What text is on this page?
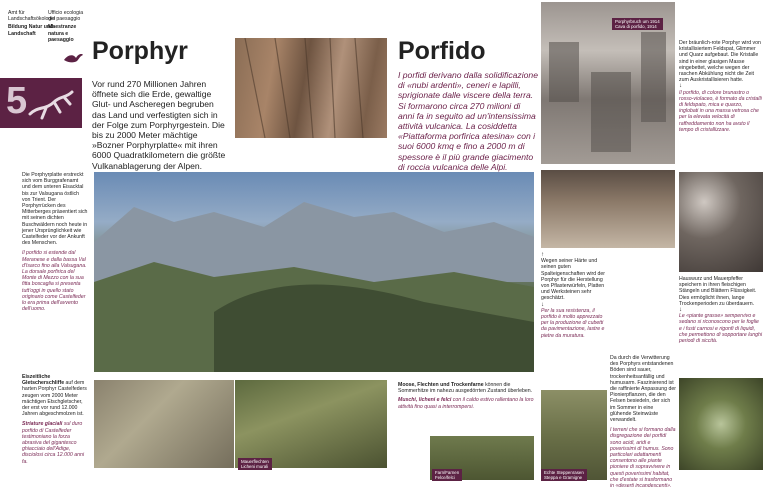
Amt für Landschaftsökologie
Bildung Natur und Landschaft
Ufficio ecologia del paesaggio
Maestranze natura e paesaggio
5
Porphyr
Vor rund 270 Millionen Jahren öffnete sich die Erde, gewaltige Glut- und Ascheregen begruben das Land und verfestigten sich in der Folge zum Porphyrgestein. Die bis zu 2000 Meter mächtige »Bozner Porphyrplatte« mit ihren 6000 Quadratkilometern die größte Vulkanablagerung der Alpen.
Porfido
I porfidi derivano dalla solidificazione di «nubi ardenti», ceneri e lapilli, sprigionate dalle viscere della terra. Si formarono circa 270 milioni di anni fa in seguito ad un'intensissima attività vulcanica. La cosiddetta «Piattaforma porfirica atesina» con i suoi 6000 kmq e fino a 2000 m di spessore è il più grande giacimento di roccia vulcanica delle Alpi.
Porphyrbruch um 1914
Cava di porfido, 1914
Der bräunlich-rote Porphyr wird von kristallisiertem Feldspat, Glimmer und Quarz aufgebaut. Die Kristalle sind in einer glasigen Masse eingebettet, welche wegen der raschen Abkühlung nicht die Zeit zum Auskristallisieren hatte.
↓
Il porfido, di colore brunastro o rosso-violaceo, è formato da cristalli di feldspato, mica e quarzo, inglobati in una massa vetrosa che per la elevata velocità di raffreddamento non ha avuto il tempo di cristallizzare.
Die Porphyrplatte erstreckt sich vom Burggrafenamt und dem unteren Eisacktal bis zur Valsugana östlich von Trient. Der Porphyrrücken des Mitterberges präsentiert sich mit seinen dichten Buschwäldern noch heute in jener Ursprünglichkeit wie Castelfeder vor der Ankunft des Menschen.
Il porfido si estende dal Meranese e dalla bassa Val d'Isarco fino alla Valsugana. La dorsale porfirica del Monte di Mezzo con la sua fitta boscaglia si presenta tutt'oggi in quello stato originario come Castelfeder lo era prima dell'avvento dell'uomo.
↑
Wegen seiner Härte und seinen guten Spalteigenschaften wird der Porphyr für die Herstellung von Pflasterwürfeln, Platten und Werksteinen sehr geschätzt.
↓
Per la sua resistenza, il porfido è molto apprezzato per la produzione di cubetti da pavimentazione, lastre e pietre da muratura.
Da durch die Verwitterung des Porphyrs entstandenen Böden sind sauer, trockenheitsanfällig und humusarm. Faszinierend ist die raffinierte Anpassung der Pionierpflanzen, die den Felsen besiedeln, der sich im Sommer in eine glühende Steinwüste verwandelt.
I terreni che si formano dalla disgregazione dei porfidi sono acidi, aridi e poverissimi di humus. Sono particolari adattamenti consentono alle piante pioniere di sopravvivere in questi poverissimi habitat, che d'estate si trasformano in «deserti incandescenti».
Hauswurz und Mauerpfeffer speichern in ihren fleischigen Stängeln und Blättern Flüssigkeit. Dies ermöglicht ihnen, lange Trockenperioden zu überdauern.
↓
Le «piante grasse» sempervivo e sedano si riconoscono per le foglie e i fusti carnosi e rigonfi di liquidi, che permettono di sopportare lunghi periodi di siccità.
Eiszeitliche Gletscherschliffe auf dem harten Porphyr Castelfeders zeugen vom 2000 Meter mächtigen Etschgletscher, der erst vor rund 12.000 Jahren abgeschmolzen ist.
Striature glaciali sul duro porfido di Castelfeder testimoniano la forza abrasiva del gigantesco ghiacciaio dell'Adige, disciolosi circa 12.000 anni fa.	Mauerflechten
Licheni murali
Moose, Flechten und Trockenfarne können die Sommerhitze im nahezu ausgedörrten Zustand überleben.
Muschi, licheni e felci con il caldo estivo rallentano la loro attività fino quasi a interrompersi.
Farn/Farnen
Felce/felci
Echte Steppenrasen
Steppa e Gramigne
